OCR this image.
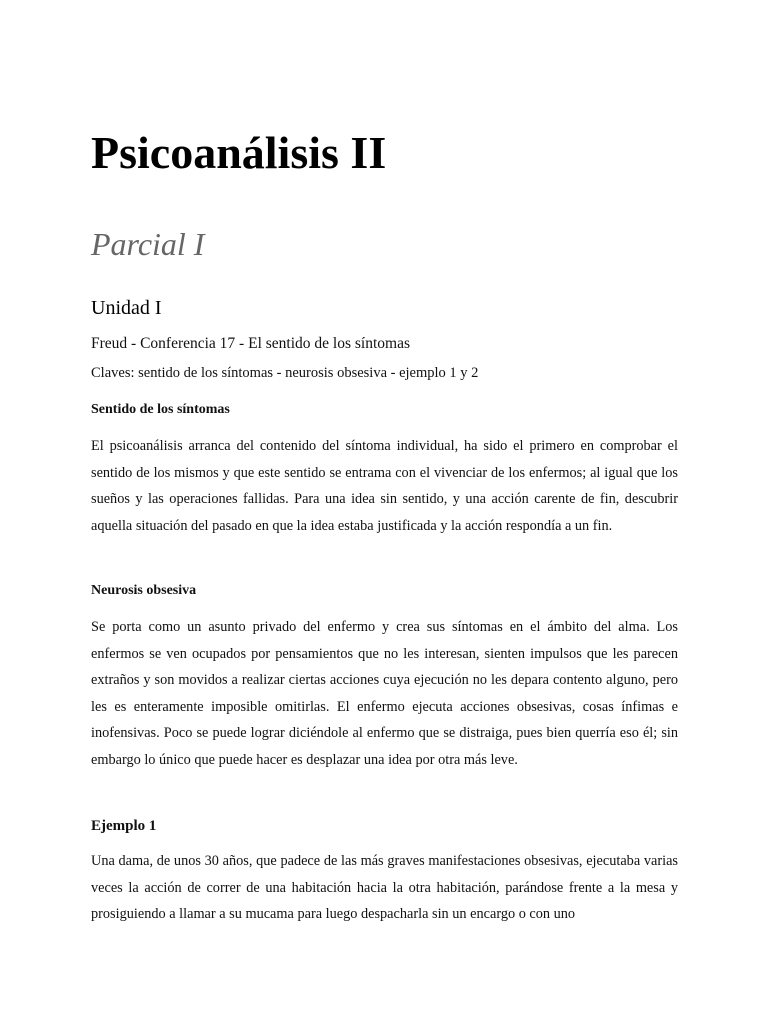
Psicoanálisis II
Parcial I
Unidad I

Freud - Conferencia 17 - El sentido de los síntomas

Claves: sentido de los síntomas - neurosis obsesiva - ejemplo 1 y 2

Sentido de los síntomas

El psicoanálisis arranca del contenido del síntoma individual, ha sido el primero en comprobar el sentido de los mismos y que este sentido se entrama con el vivenciar de los enfermos; al igual que los sueños y las operaciones fallidas. Para una idea sin sentido, y una acción carente de fin, descubrir aquella situación del pasado en que la idea estaba justificada y la acción respondía a un fin.

Neurosis obsesiva

Se porta como un asunto privado del enfermo y crea sus síntomas en el ámbito del alma. Los enfermos se ven ocupados por pensamientos que no les interesan, sienten impulsos que les parecen extraños y son movidos a realizar ciertas acciones cuya ejecución no les depara contento alguno, pero les es enteramente imposible omitirlas. El enfermo ejecuta acciones obsesivas, cosas ínfimas e inofensivas. Poco se puede lograr diciéndole al enfermo que se distraiga, pues bien querría eso él; sin embargo lo único que puede hacer es desplazar una idea por otra más leve.

Ejemplo 1

Una dama, de unos 30 años, que padece de las más graves manifestaciones obsesivas, ejecutaba varias veces la acción de correr de una habitación hacia la otra habitación, parándose frente a la mesa y prosiguiendo a llamar a su mucama para luego despacharla sin un encargo o con uno
